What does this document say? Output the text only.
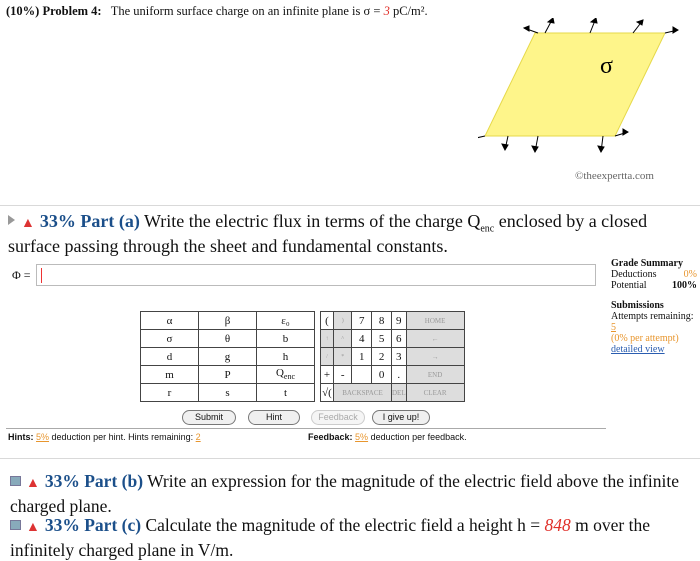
(10%) Problem 4: The uniform surface charge on an infinite plane is σ = 3 pC/m².
σ
©theexpertta.com
▲ 33% Part (a) Write the electric flux in terms of the charge $Q_{enc}$ enclosed by a closed
surface passing through the sheet and fundamental constants.
Φ =
Grade Summary
Deductions	0%
Potential	100%
Submissions
Attempts remaining: 5
(0% per attempt)
detailed view
α	β	ε₀		(	)	7	8	9	HOME
σ	θ	b		↑	^	4	5	6	←
d	g	h		/	*	1	2	3	→
m	P	$Q_{enc}$		+	-		0	.	END
r	s	t		√(	BACKSPACE			DEL	CLEAR
Submit	Hint	Feedback	I give up!
Hints: 5% deduction per hint. Hints remaining: 2	Feedback: 5% deduction per feedback.
▲ 33% Part (b) Write an expression for the magnitude of the electric field above the infinite charged plane.
▲ 33% Part (c) Calculate the magnitude of the electric field a height h = 848 m over the infinitely charged plane in V/m.
